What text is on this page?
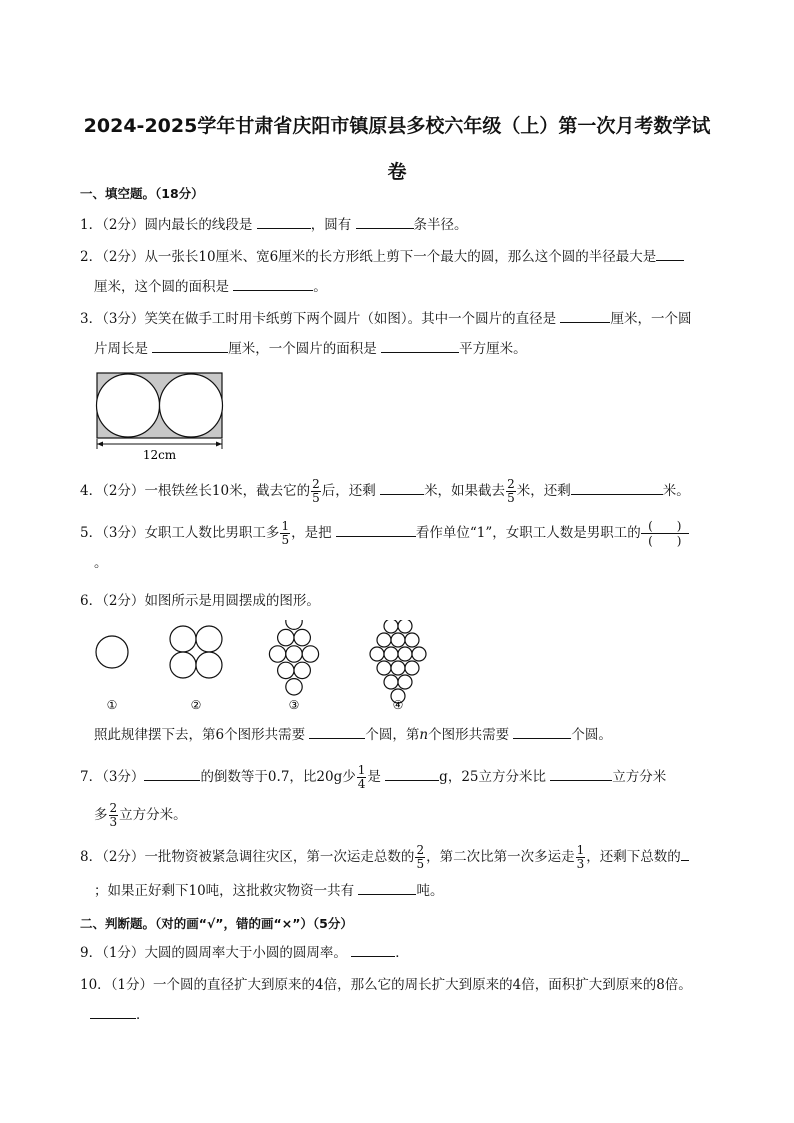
2024-2025学年甘肃省庆阳市镇原县多校六年级（上）第一次月考数学试
卷
一、填空题。（18分）
1．（2分）圆内最长的线段是	，圆有	条半径。
2．（2分）从一张长10厘米、宽6厘米的长方形纸上剪下一个最大的圆，那么这个圆的半径最大是
厘米，这个圆的面积是	。
3．（3分）笑笑在做手工时用卡纸剪下两个圆片（如图）。其中一个圆片的直径是	厘米，一个圆
片周长是	厘米，一个圆片的面积是	平方厘米。
12cm
4．（2分）一根铁丝长10米，截去它的 $\frac{2}{5}$ 后，还剩	米，如果截去 $\frac{2}{5}$ 米，还剩	米。
5．（3分）女职工人数比男职工多 $\frac{1}{5}$ ，是把	看作单位“1”，女职工人数是男职工的 (　　)
(　　)
。
6．（2分）如图所示是用圆摆成的图形。
①	②	③	④
照此规律摆下去，第6个图形共需要	个圆，第n个图形共需要	个圆。
7．（3分）	的倒数等于0.7，比20g少 $\frac{1}{4}$ 是	g，25立方分米比	立方分米
多 $\frac{2}{3}$ 立方分米。
8．（2分）一批物资被紧急调往灾区，第一次运走总数的 $\frac{2}{5}$ ，第二次比第一次多运走 $\frac{1}{3}$ ，还剩下总数的
；如果正好剩下10吨，这批救灾物资一共有	吨。
二、判断题。（对的画“√”，错的画“×”）（5分）
9．（1分）大圆的圆周率大于小圆的圆周率。	．
10．（1分）一个圆的直径扩大到原来的4倍，那么它的周长扩大到原来的4倍，面积扩大到原来的8倍。
．
